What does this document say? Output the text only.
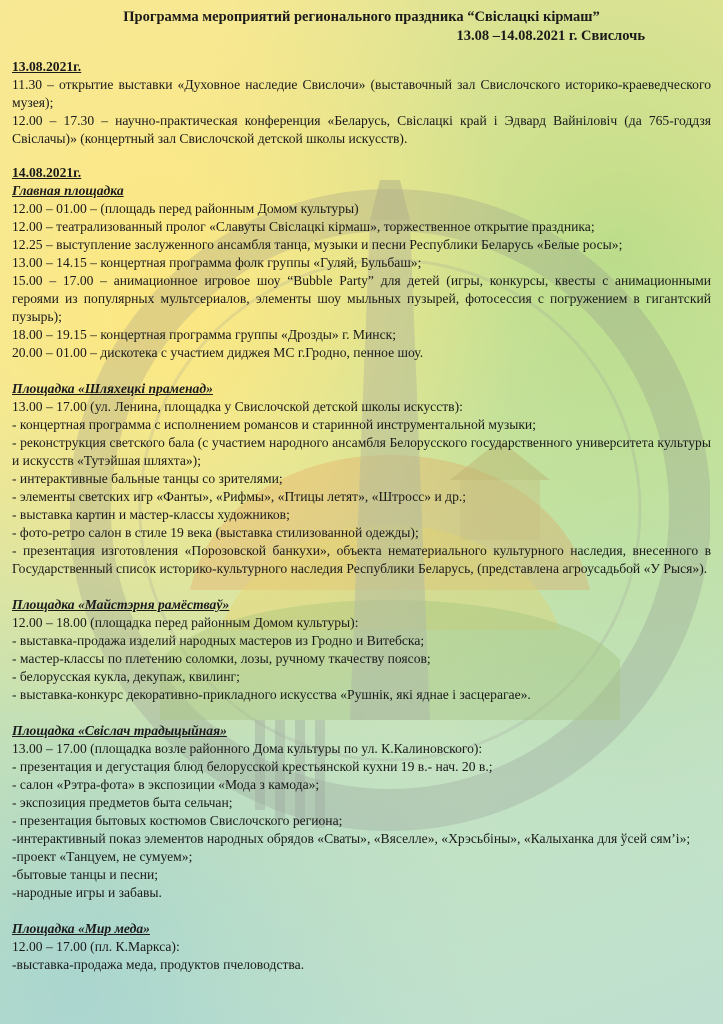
Программа мероприятий регионального праздника “Свіслацкі кірмаш”

13.08 –14.08.2021 г. Свислочь

13.08.2021г.

11.30 – открытие выставки «Духовное наследие Свислочи» (выставочный зал Свислочского историко-краеведческого музея);

12.00 – 17.30 – научно-практическая конференция «Беларусь, Свіслацкі край і Эдвард Вайніловіч (да 765-годдзя Свіслачы)» (концертный зал Свислочской детской школы искусств).

14.08.2021г.
Главная площадка

12.00 – 01.00 – (площадь перед районным Домом культуры)

12.00 – театрализованный пролог «Славуты Свіслацкі кірмаш», торжественное открытие праздника;

12.25 – выступление заслуженного ансамбля танца, музыки и песни Республики Беларусь «Белые росы»;

13.00 – 14.15 – концертная программа фолк группы «Гуляй, Бульбаш»;

15.00 – 17.00 – анимационное игровое шоу “Bubble Party” для детей (игры, конкурсы, квесты с анимационными героями из популярных мультсериалов, элементы шоу мыльных пузырей, фотосессия с погружением в гигантский пузырь);

18.00 – 19.15 – концертная программа группы «Дрозды» г. Минск;

20.00 – 01.00 – дискотека с участием диджея МС г.Гродно, пенное шоу.

Площадка «Шляхецкі праменад»

13.00 – 17.00 (ул. Ленина, площадка у Свислочской детской школы искусств):

- концертная программа с исполнением романсов и старинной инструментальной музыки;

- реконструкция светского бала (с участием народного ансамбля Белорусского государственного университета культуры и искусств «Тутэйшая шляхта»);

- интерактивные бальные танцы со зрителями;

- элементы светских игр «Фанты», «Рифмы», «Птицы летят», «Штросс» и др.;

- выставка картин и мастер-классы художников;

- фото-ретро салон в стиле 19 века (выставка стилизованной одежды);

- презентация изготовления «Порозовской банкухи», объекта нематериального культурного наследия, внесенного в Государственный список историко-культурного наследия Республики Беларусь, (представлена агроусадьбой «У Рыся»).

Площадка «Майстэрня рамёстваў»

12.00 – 18.00 (площадка перед районным Домом культуры):

- выставка-продажа изделий народных мастеров из Гродно и Витебска;

- мастер-классы по плетению соломки, лозы, ручному ткачеству поясов;

- белорусская кукла, декупаж, квилинг;

- выставка-конкурс декоративно-прикладного искусства «Рушнік, які яднае і засцерагае».

Площадка «Свіслач традыцыйная»

13.00 – 17.00 (площадка возле районного Дома культуры по ул. К.Калиновского):

- презентация и дегустация блюд белорусской крестьянской кухни 19 в.- нач. 20 в.;

- салон «Рэтра-фота» в экспозиции «Мода з камода»;

- экспозиция предметов быта сельчан;

- презентация бытовых костюмов Свислочского региона;

-интерактивный показ элементов народных обрядов «Сваты», «Вяселле», «Хрэсьбіны», «Калыханка для ўсей сям’і»;

-проект «Танцуем, не сумуем»;

-бытовые танцы и песни;

-народные игры и забавы.

Площадка «Мир меда»

12.00 – 17.00 (пл. К.Маркса):

-выставка-продажа меда, продуктов пчеловодства.
